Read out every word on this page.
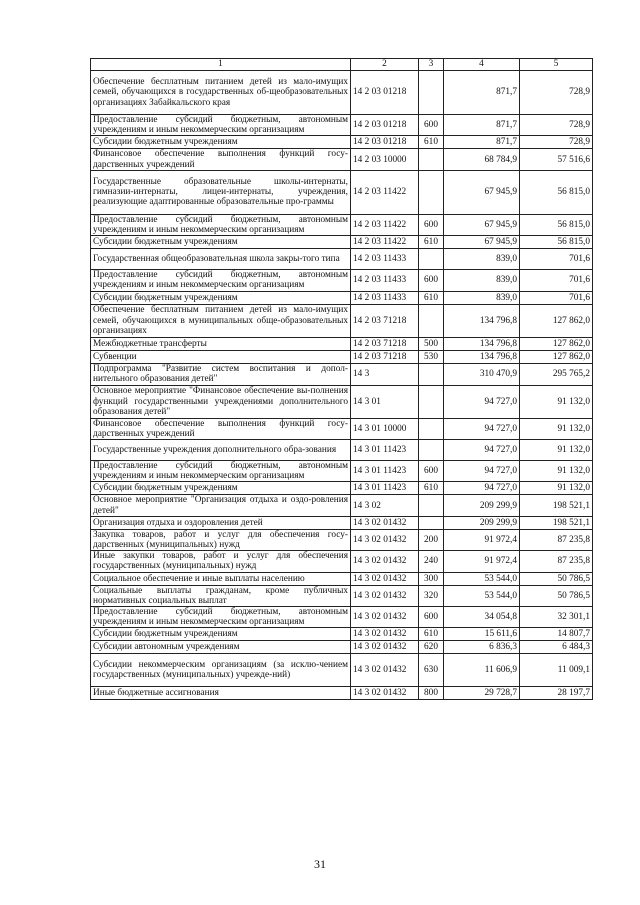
1	2	3	4	5
Обеспечение бесплатным питанием детей из мало-имущих семей, обучающихся в государственных об-щеобразовательных организациях Забайкальского края	14 2 03 01218		871,7	728,9
Предоставление субсидий бюджетным, автономным учреждениям и иным некоммерческим организациям	14 2 03 01218	600	871,7	728,9
Субсидии бюджетным учреждениям	14 2 03 01218	610	871,7	728,9
Финансовое обеспечение выполнения функций госу-дарственных учреждений	14 2 03 10000		68 784,9	57 516,6
Государственные образовательные школы-интернаты, гимназии-интернаты, лицеи-интернаты, учреждения, реализующие адаптированные образовательные про-граммы	14 2 03 11422		67 945,9	56 815,0
Предоставление субсидий бюджетным, автономным учреждениям и иным некоммерческим организациям	14 2 03 11422	600	67 945,9	56 815,0
Субсидии бюджетным учреждениям	14 2 03 11422	610	67 945,9	56 815,0
Государственная общеобразовательная школа закры-того типа	14 2 03 11433		839,0	701,6
Предоставление субсидий бюджетным, автономным учреждениям и иным некоммерческим организациям	14 2 03 11433	600	839,0	701,6
Субсидии бюджетным учреждениям	14 2 03 11433	610	839,0	701,6
Обеспечение бесплатным питанием детей из мало-имущих семей, обучающихся в муниципальных обще-образовательных организациях	14 2 03 71218		134 796,8	127 862,0
Межбюджетные трансферты	14 2 03 71218	500	134 796,8	127 862,0
Субвенции	14 2 03 71218	530	134 796,8	127 862,0
Подпрограмма "Развитие систем воспитания и допол-нительного образования детей"	14 3		310 470,9	295 765,2
Основное мероприятие "Финансовое обеспечение вы-полнения функций государственными учреждениями дополнительного образования детей"	14 3 01		94 727,0	91 132,0
Финансовое обеспечение выполнения функций госу-дарственных учреждений	14 3 01 10000		94 727,0	91 132,0
Государственные учреждения дополнительного обра-зования	14 3 01 11423		94 727,0	91 132,0
Предоставление субсидий бюджетным, автономным учреждениям и иным некоммерческим организациям	14 3 01 11423	600	94 727,0	91 132,0
Субсидии бюджетным учреждениям	14 3 01 11423	610	94 727,0	91 132,0
Основное мероприятие "Организация отдыха и оздо-ровления детей"	14 3 02		209 299,9	198 521,1
Организация отдыха и оздоровления детей	14 3 02 01432		209 299,9	198 521,1
Закупка товаров, работ и услуг для обеспечения госу-дарственных (муниципальных) нужд	14 3 02 01432	200	91 972,4	87 235,8
Иные закупки товаров, работ и услуг для обеспечения государственных (муниципальных) нужд	14 3 02 01432	240	91 972,4	87 235,8
Социальное обеспечение и иные выплаты населению	14 3 02 01432	300	53 544,0	50 786,5
Социальные выплаты гражданам, кроме публичных нормативных социальных выплат	14 3 02 01432	320	53 544,0	50 786,5
Предоставление субсидий бюджетным, автономным учреждениям и иным некоммерческим организациям	14 3 02 01432	600	34 054,8	32 301,1
Субсидии бюджетным учреждениям	14 3 02 01432	610	15 611,6	14 807,7
Субсидии автономным учреждениям	14 3 02 01432	620	6 836,3	6 484,3
Субсидии некоммерческим организациям (за исклю-чением государственных (муниципальных) учрежде-ний)	14 3 02 01432	630	11 606,9	11 009,1
Иные бюджетные ассигнования	14 3 02 01432	800	29 728,7	28 197,7
31
